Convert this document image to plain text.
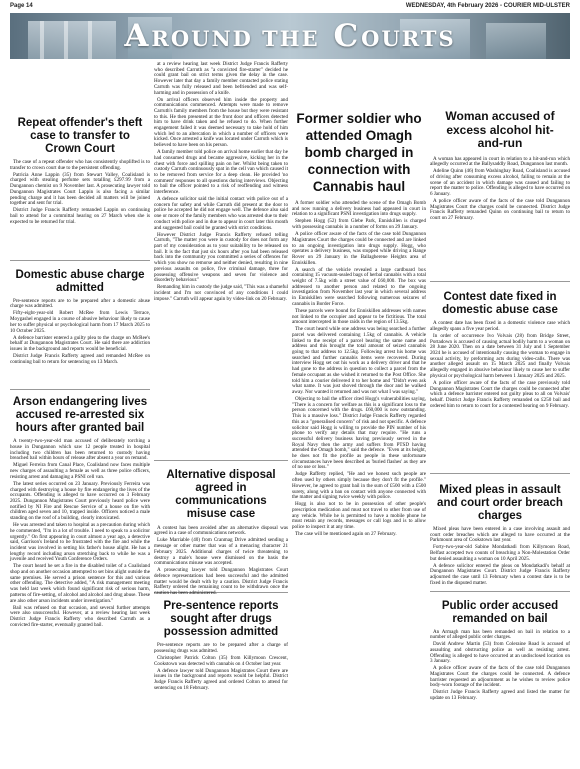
Page 14	WEDNESDAY, 4th February 2026 - COURIER MID-ULSTER
AROUND THE COURTS
Repeat offender's theft case to transfer to Crown Court

The case of a repeat offender who has consistently shoplifted is to transfer to crown court due to the persistent offending.

Patricia Anne Lappin (35) from Stewart Valley, Coalisland is charged with stealing perfume sets totalling £297.99 from a Dungannon chemist on 9 November last. A prosecuting lawyer told Dungannon Magistrates Court Lappin is also facing a similar pending charge and it has been decided all matters will be joined together and sent for trial.

District Judge Francis Rafferty remanded Lappin on continuing bail to attend for a committal hearing on 27 March when she is expected to be returned for trial.

Domestic abuse charge admitted

Pre-sentence reports are to be prepared after a domestic abuse charge was admitted.

Fifty-eight-year-old Robert McRee from Lewis Terrace, Moygashel engaged in a course of abusive behaviour likely to cause her to suffer physical or psychological harm from 17 March 2025 to 10 October 2025.

A defence barrister entered a guilty plea to the charge on McRee's behalf at Dungannon Magistrates Court. He said there are addiction issues in the background and reports would be beneficial.

District Judge Francis Rafferty agreed and remanded McRee on continuing bail to return for sentencing on 13 March.

Arson endangering lives accused re-arrested six hours after granted bail

A twenty-two-year-old man accused of deliberately torching a house in Dungannon which saw 12 people treated in hospital including two children has been returned to custody having breached bail within hours of release after absent a year on remand.

Miguel Ferreira from Canal Place, Coalisland now faces multiple new charges of assaulting a female as well as three police officers, resisting arrest and damaging a PSNI cell van.

The latest series occurred on 23 January. Previously Ferreira was charged with destroying a house by fire endangering the lives of the occupants. Offending is alleged to have occurred on 3 February 2025. Dungannon Magistrates Court previously heard police were notified by NI Fire and Rescue Service of a house on fire with children aged seven and 10, trapped inside. Officers noticed a male standing on the roof of a building, clearly intoxicated.

He was arrested and taken to hospital as a precaution during which he commented, "I'm in a lot of trouble. I need to speak to a solicitor urgently." On first appearing in court almost a year ago, a detective said, Garrison's Ireland to be frustrated with the fire and while the incident was involved in setting his father's house alight. He has a lengthy record including arson stretching back to while he was a juvenile and received Youth Conference Orders.

The court heard he set a fire in the disabled toilet of a Coalisland shop and on another occasion attempted to set bins alight outside the same premises. He served a prison sentence for this and various other offending. The detective added, "A risk management meeting was held last week which found significant risk of serious harm, patterns of fire-setting, of alcohol and alcohol and drug abuse. These are also other arson incidents under investigation."

Bail was refused on that occasion, and several further attempts were also unsuccessful. However, at a review hearing last week District Judge Francis Rafferty who described Carruth as a convicted fire-starter, eventually granted bail.

at a review hearing last week District Judge Francis Rafferty who described Carruth as "a convicted fire-starter" decided he could grant bail on strict terms given the delay in the case. However later that day a family member contacted police stating Carruth was fully released and been befriended and was self-harming and in possession of a knife.

On arrival officers observed him inside the property and communications commenced. Attempts were made to remove Carruth's family members from the house but they were resistant to this. He then presented at the front door and officers detected him to have drink taken and he refused to do. When further engagement failed it was deemed necessary to take hold of him which led to an altercation in which a number of officers were kicked. Once arrested a knife was located under Carruth which is believed to have been on his person.

A family member told police on arrival home earlier that day he had consumed drugs and became aggressive, kicking her in the chest with force and spilling pain on her. Whilst being taken to custody Carruth continuously spat in the cell van which caused it to be removed from service for a deep clean. He provided 'no comment' responses to all questions during interviews. Objecting to bail the officer pointed to a risk of reoffending and witness interference.

A defence solicitor said the initial contact with police out of a concern for safety and while Carruth did present at the door to police he accepted he did not engage well. The defence also said one or more of the family members who was arrested due to their conduct with police and in due to appear in court later this month and suggested bail could be granted with strict conditions.

However District Judge Francis Rafferty refused telling Carruth, "The matter you were in custody for does not form any part of my consideration as to your suitability to be released on bail. It is the fact that just six hours after you had been released back into the community you committed a series of offences for which you show no remorse and neither denied, resulting in nine previous assaults on police, five criminal damage, three for possessing offensive weapons and seven for violence and disorderly behaviour."

Remanding him in custody the judge said, "This was a shameful incident and I'm not convinced of any conditions I could impose." Carruth will appear again by video-link on 20 February.

Alternative disposal agreed in communications misuse case

A contest has been avoided after an alternative disposal was agreed in a case of communications network.

Luke Marriable (40) from Cranmag Drive admitted sending a message or other matter that was of a menacing character 21 February 2025. Additional charges of twice threatening to destroy a male's house were dismissed on the basis the communications misuse was accepted.

A prosecuting lawyer told Dungannon Magistrates Court defence representations had been successful and the admitted matter would be dealt with by a caution. District Judge Francis Rafferty ordered the remaining count to be withdrawn once the caution has been administered.

Pre-sentence reports sought after drugs possession admitted

Pre-sentence reports are to be prepared after a charge of possessing drugs was admitted.

Christopher Patrick Colton (35) from Killymoon Crescent, Cookstown was detected with cannabis on 4 October last year.

A defence lawyer told Dungannon Magistrates Court there are issues in the background and reports would be helpful. District Judge Francis Rafferty agreed and ordered Colton to attend for sentencing on 18 February.

Former soldier who attended Omagh bomb charged in connection with Cannabis haul

A former soldier who attended the scene of the Omagh Bomb and now running a delivery business had appeared in court in relation to a significant PSNI investigation into drugs supply.

Stephen Hogg (52) from Glebe Park, Enniskillen is charged with possessing cannabis in a number of forms on 29 January.

A police officer aware of the facts of the case told Dungannon Magistrates Court the charges could be connected and are linked to an ongoing investigation into drugs supply. Hogg, who operates a delivery business, was stopped while driving a Range Rover on 29 January in the Ballagherene Heights area of Enniskillen.

A search of the vehicle revealed a large cardboard box containing 15 vacuum-sealed bags of herbal cannabis with a total weight of 7.5kg with a street value of £60,000. The box was addressed to another person and related to the ongoing investigation from November last year in which several address in Enniskillen were searched following numerous seizures of cannabis in Border Force.

These parcels were bound for Enniskillen addresses with names not linked to the occupier and appear to be fictitious. The total amount intercepted in those raids in the region of 13.5kg.

The court heard while one address was being searched a further parcel was delivered containing 1.5kg of cannabis. A vehicle linked to the receipt of a parcel bearing the same name and address and this brought the total amount of seized cannabis going to that address to 12.5kg. Following arrest his home was searched and further cannabis items were recovered. During interview Hogg set out his work as a delivery driver and that he had gone to the address in question to collect a parcel from the female occupant as she wished it returned to the Post Office. She told him a courier delivered it to her home and "Didn't even ask what name. It was just shoved through the door and he walked away. Nor wanted it returned and was not what I was saying."

Objecting to bail the officer cited Hogg's vulnerabilities saying, "There is a concern for welfare as this is a significant loss to the person concerned with the drugs. £60,000 is now outstanding. This is a massive loss." District Judge Francis Rafferty regarded this as a "generalised concern" of risk and not specific. A defence solicitor said Hogg is willing to provide the PIN number of his phone to verify any details that may require. "He runs a successful delivery business having previously served in the Royal Navy then the army and suffers from PTSD having attended the Omagh bomb," said the defence. "Even at its height, he does not fit the profile as people in these unfortunate circumstances have been described as 'buried flashes' as they are of no use or loss."

Judge Rafferty replied, "He and we honest such people are often used by others simply because they don't fit the profile." However, he agreed to grant bail in the sum of £500 with a £500 surety, along with a ban on contact with anyone connected with the matter and signing twice weekly with police.

Hogg is also not to be in possession of other people's prescription medication and must not travel to other from use of any vehicle. While he is permitted to have a mobile phone he must retain any records, messages or call logs and is to allow police to inspect it at any time.

The case will be mentioned again on 27 February.

Woman accused of excess alcohol hit-and-run

A woman has appeared in court in relation to a hit-and-run which allegedly occurred at the Ballysaddly Road, Dungannon last month.

Adeline Quinn (46) from Washingbay Road, Coalisland is accused of driving after consuming excess alcohol, failing to remain at the scene of an accident in which damage was caused and failing to report the matter to police. Offending is alleged to have occurred on 6 January.

A police officer aware of the facts of the case told Dungannon Magistrates Court the charges could be connected. District Judge Francis Rafferty remanded Quinn on continuing bail to return to court on 27 February.

Contest date fixed in domestic abuse case

A contest date has been fixed in a domestic violence case which allegedly spans a five year period.

In order of occurrence Ivo Volvais (28) from Bridge Street, Portadown is accused of causing actual bodily harm to a woman on 28 June 2020. Then on a date between 31 July and 1 September 2024 he is accused of intentionally causing the woman to engage in sexual activity, by preforming acts during video-calls. There was another alleged assault on 15 March 2025 and finally Volvais allegedly engaged in abusive behaviour likely to cause her to suffer physical or psychological harm between 1 January 2025 and 2025.

A police officer aware of the facts of the case previously told Dungannon Magistrates Court the charges could be connected after which a defence barrister entered not guilty pleas to all on Volvais' behalf. District Judge Francis Rafferty remanded on £250 bail and ordered him to return to court for a contested hearing on 9 February.

Mixed pleas in assault and court order breach charges

Mixed pleas have been entered in a case involving assault and court order breaches which are alleged to have occurred at the Parkmount area of Cookstown last year.

Forty-two-year-old Sabine Mondatkadi from Killymoon Road, Belfast accepted two counts of breaching a Non-Molestation Order but denied assaulting a woman on 10 April 2025.

A defence solicitor entered the pleas on Mondatkadi's behalf at Dungannon Magistrates Court. District Judge Francis Rafferty adjourned the case until 13 February when a contest date is to be fixed in the disputed matter.

Public order accused remanded on bail

An Armagh man has been remanded on bail in relation to a number of alleged public order charges.

David Andrew Martin (53) from Coleraine Road is accused of assaulting and obstructing police as well as resisting arrest. Offending is alleged to have occurred at an undisclosed location on 3 January.

A police officer aware of the facts of the case told Dungannon Magistrates Court the charges could be connected. A defence barrister requested an adjournment as he wishes to review police body-worn footage of the incident.

District Judge Francis Rafferty agreed and listed the matter for update on 13 February.
